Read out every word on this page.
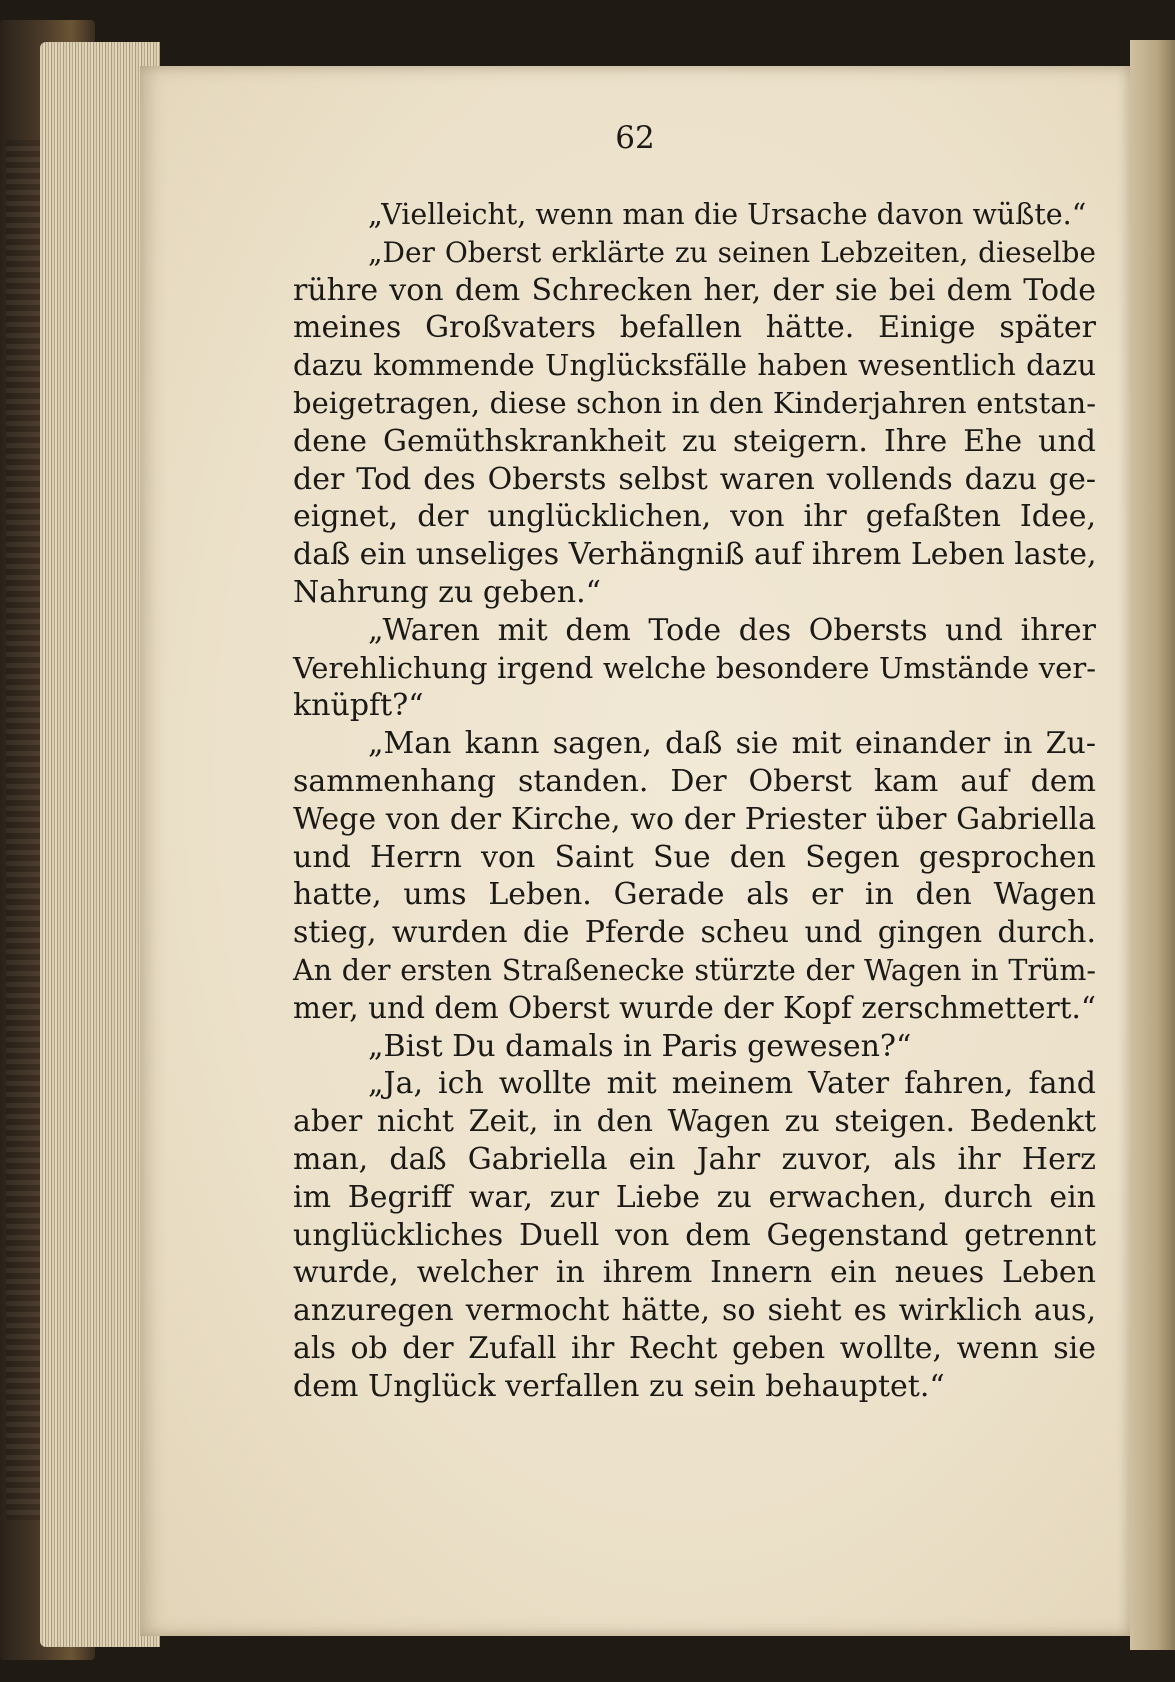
62
„Vielleicht, wenn man die Ursache davon wüßte.“
„Der Oberst erklärte zu seinen Lebzeiten, dieselbe
rühre von dem Schrecken her, der sie bei dem Tode
meines Großvaters befallen hätte. Einige später
dazu kommende Unglücksfälle haben wesentlich dazu
beigetragen, diese schon in den Kinderjahren entstan-
dene Gemüthskrankheit zu steigern. Ihre Ehe und
der Tod des Obersts selbst waren vollends dazu ge-
eignet, der unglücklichen, von ihr gefaßten Idee,
daß ein unseliges Verhängniß auf ihrem Leben laste,
Nahrung zu geben.“
„Waren mit dem Tode des Obersts und ihrer
Verehlichung irgend welche besondere Umstände ver-
knüpft?“
„Man kann sagen, daß sie mit einander in Zu-
sammenhang standen. Der Oberst kam auf dem
Wege von der Kirche, wo der Priester über Gabriella
und Herrn von Saint Sue den Segen gesprochen
hatte, ums Leben. Gerade als er in den Wagen
stieg, wurden die Pferde scheu und gingen durch.
An der ersten Straßenecke stürzte der Wagen in Trüm-
mer, und dem Oberst wurde der Kopf zerschmettert.“
„Bist Du damals in Paris gewesen?“
„Ja, ich wollte mit meinem Vater fahren, fand
aber nicht Zeit, in den Wagen zu steigen. Bedenkt
man, daß Gabriella ein Jahr zuvor, als ihr Herz
im Begriff war, zur Liebe zu erwachen, durch ein
unglückliches Duell von dem Gegenstand getrennt
wurde, welcher in ihrem Innern ein neues Leben
anzuregen vermocht hätte, so sieht es wirklich aus,
als ob der Zufall ihr Recht geben wollte, wenn sie
dem Unglück verfallen zu sein behauptet.“
